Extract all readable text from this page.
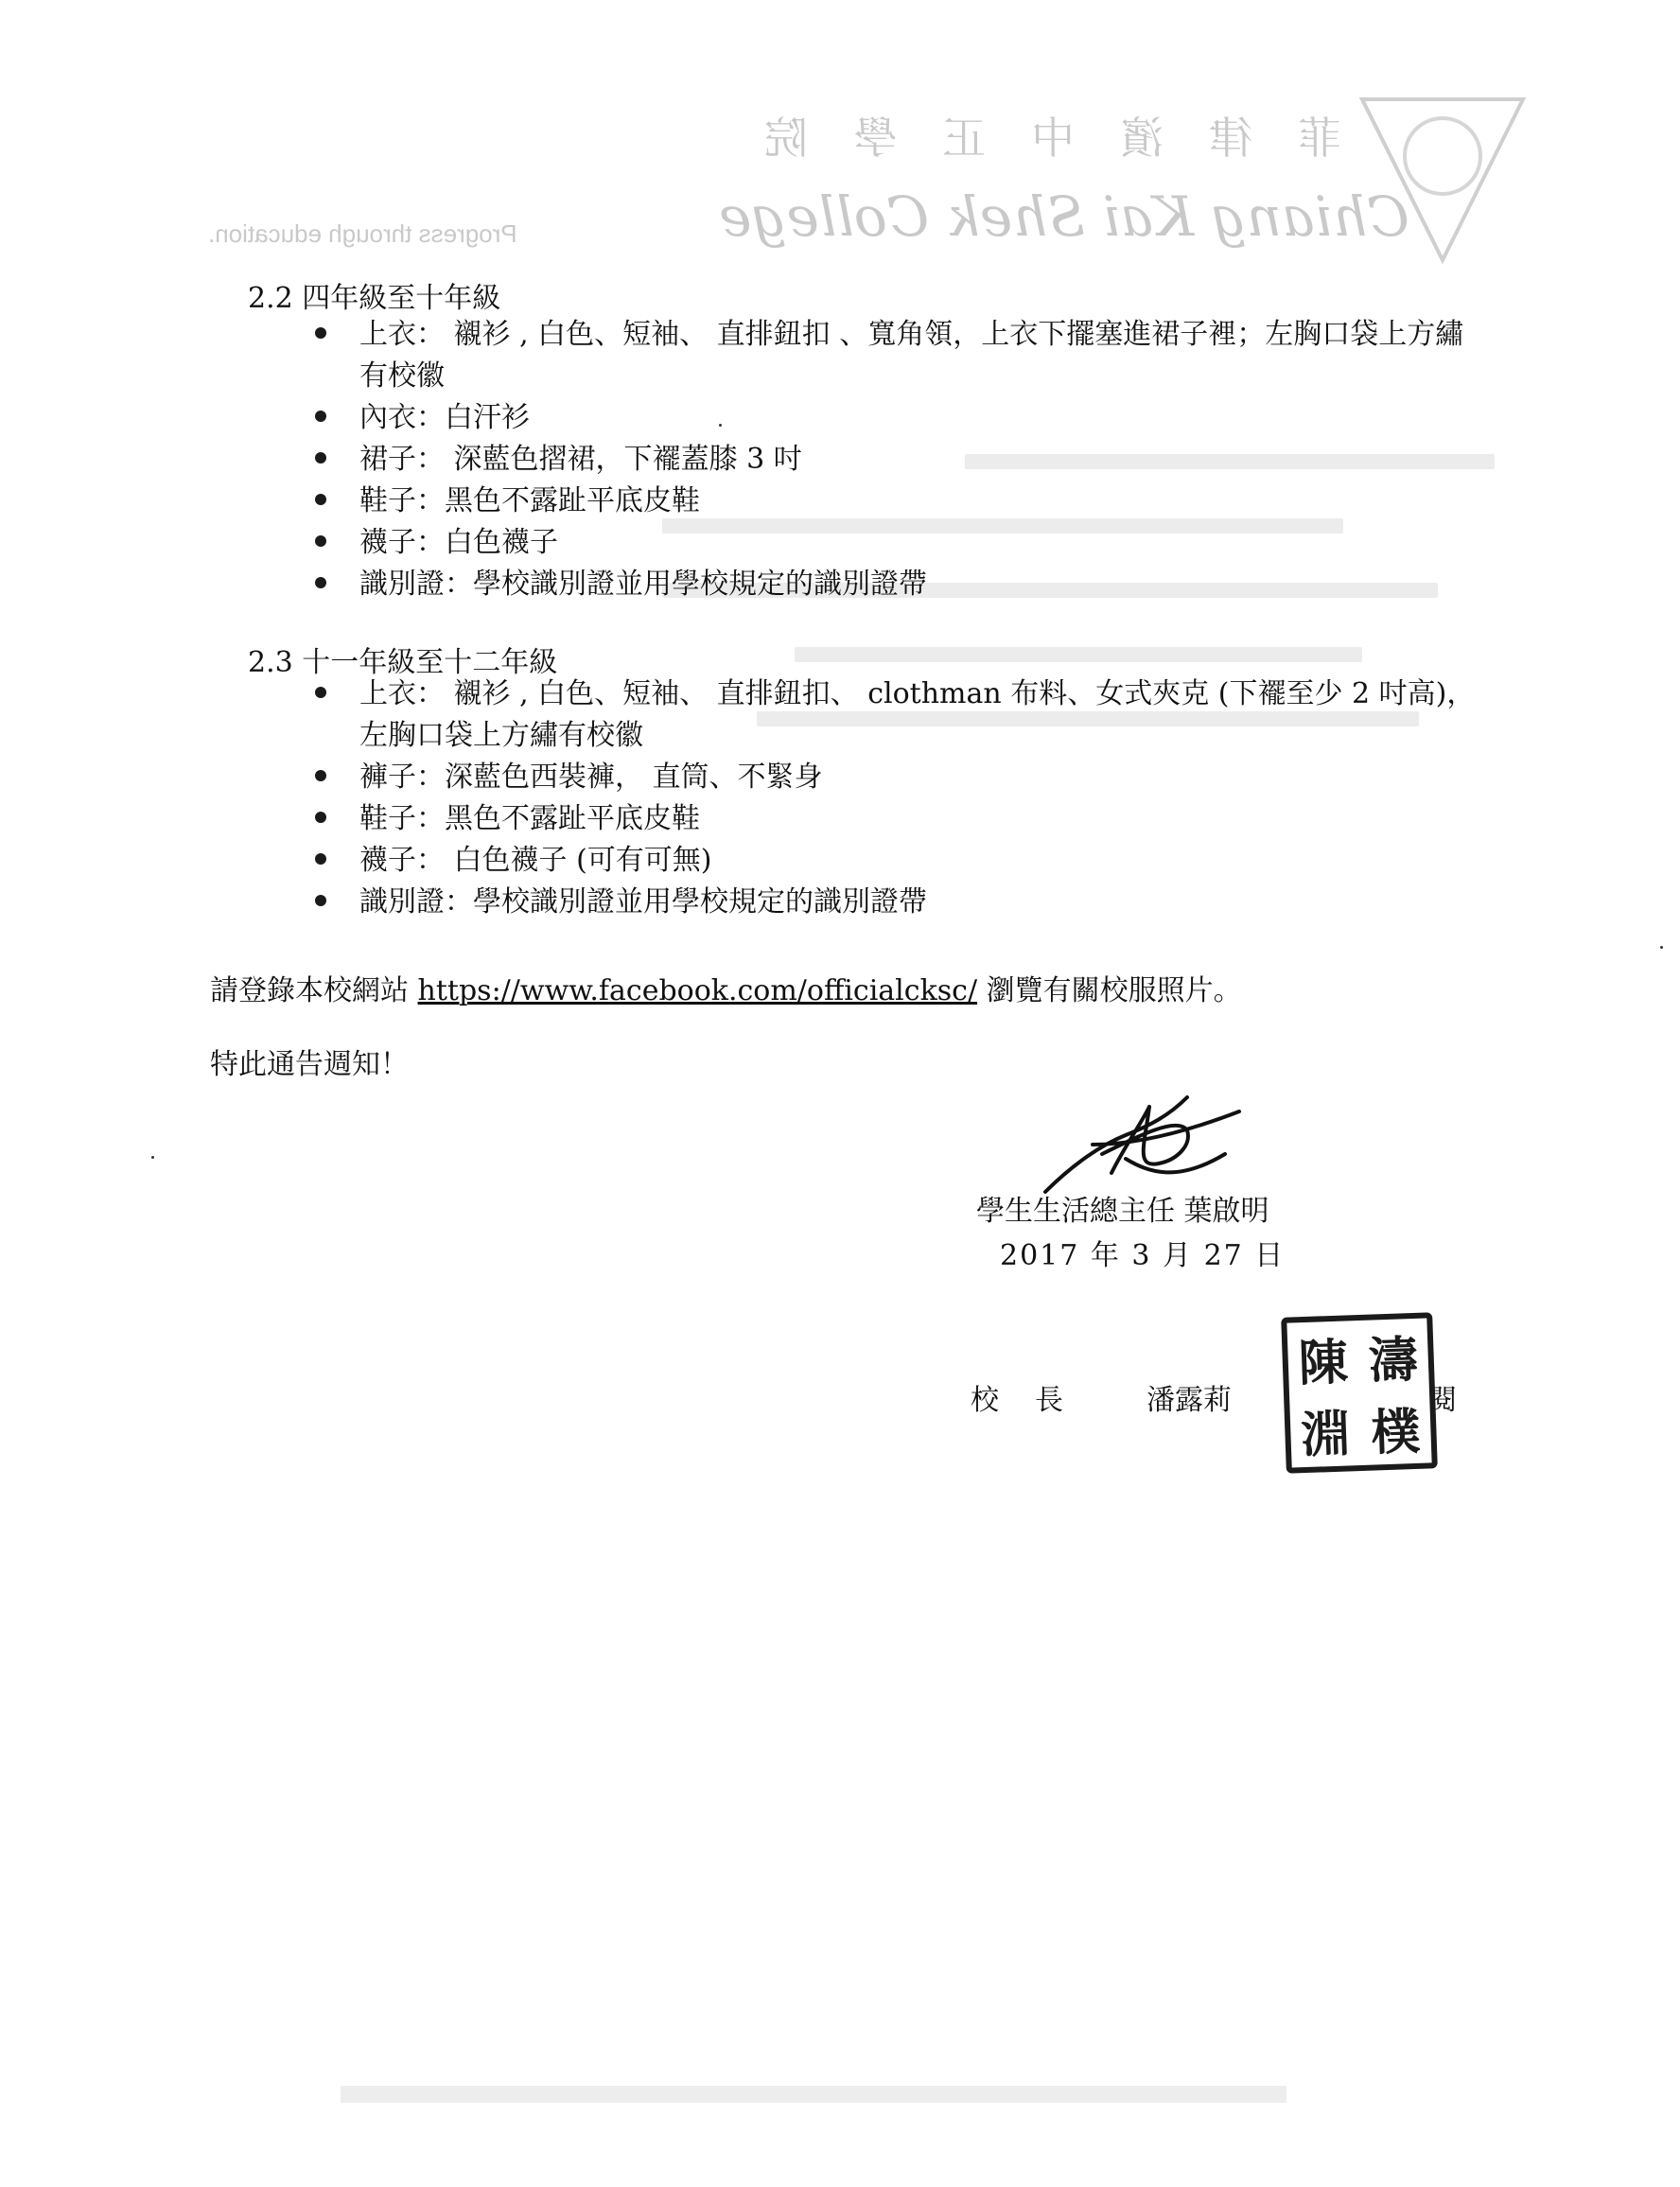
菲律濱中正學院
Chiang Kai Shek College
Progress through education.
2.2 四年級至十年級
上衣： 襯衫 , 白色、短袖、 直排鈕扣 、寬角領，上衣下擺塞進裙子裡；左胸口袋上方繡有校徽
內衣：白汗衫
裙子： 深藍色摺裙，下襬蓋膝 3 吋
鞋子：黑色不露趾平底皮鞋
襪子：白色襪子
識別證：學校識別證並用學校規定的識別證帶
2.3 十一年級至十二年級
上衣： 襯衫 , 白色、短袖、 直排鈕扣、 clothman 布料、女式夾克 (下襬至少 2 吋高)，左胸口袋上方繡有校徽
褲子：深藍色西裝褲， 直筒、不緊身
鞋子：黑色不露趾平底皮鞋
襪子： 白色襪子 (可有可無)
識別證：學校識別證並用學校規定的識別證帶
請登錄本校網站 https://www.facebook.com/officialcksc/ 瀏覽有關校服照片。
特此通告週知！
學生生活總主任 葉啟明
2017 年 3 月 27 日
校長 潘露莉	閱
陳 濤
淵 樸
